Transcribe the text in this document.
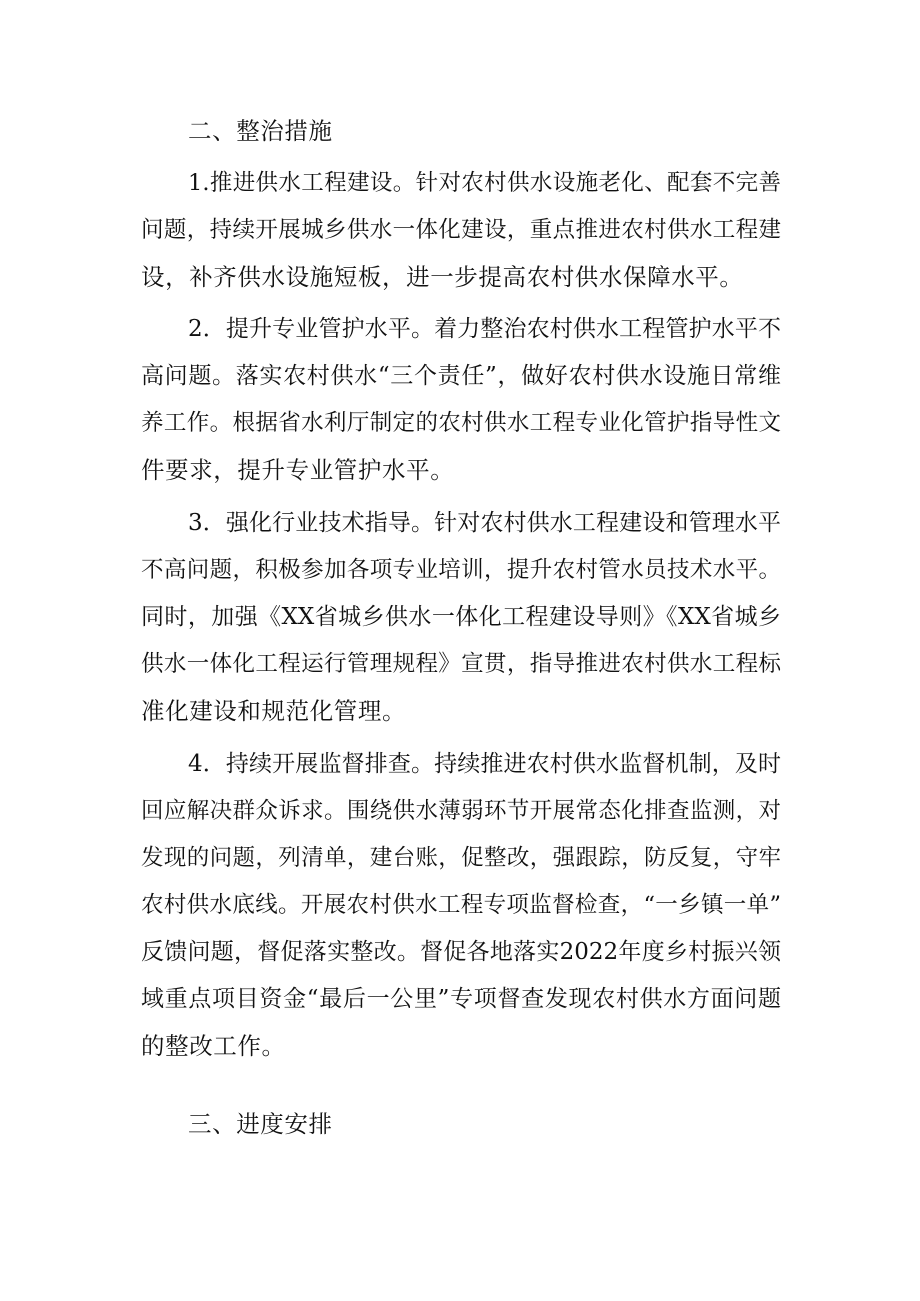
二、整治措施
1.推进供水工程建设。针对农村供水设施老化、配套不完善
问题，持续开展城乡供水一体化建设，重点推进农村供水工程建
设，补齐供水设施短板，进一步提高农村供水保障水平。
2．提升专业管护水平。着力整治农村供水工程管护水平不
高问题。落实农村供水“三个责任”，做好农村供水设施日常维
养工作。根据省水利厅制定的农村供水工程专业化管护指导性文
件要求，提升专业管护水平。
3．强化行业技术指导。针对农村供水工程建设和管理水平
不高问题，积极参加各项专业培训，提升农村管水员技术水平。
同时，加强《XX省城乡供水一体化工程建设导则》《XX省城乡
供水一体化工程运行管理规程》宣贯，指导推进农村供水工程标
准化建设和规范化管理。
4．持续开展监督排查。持续推进农村供水监督机制，及时
回应解决群众诉求。围绕供水薄弱环节开展常态化排查监测，对
发现的问题，列清单，建台账，促整改，强跟踪，防反复，守牢
农村供水底线。开展农村供水工程专项监督检查，“一乡镇一单”
反馈问题，督促落实整改。督促各地落实2022年度乡村振兴领
域重点项目资金“最后一公里”专项督查发现农村供水方面问题
的整改工作。
三、进度安排
